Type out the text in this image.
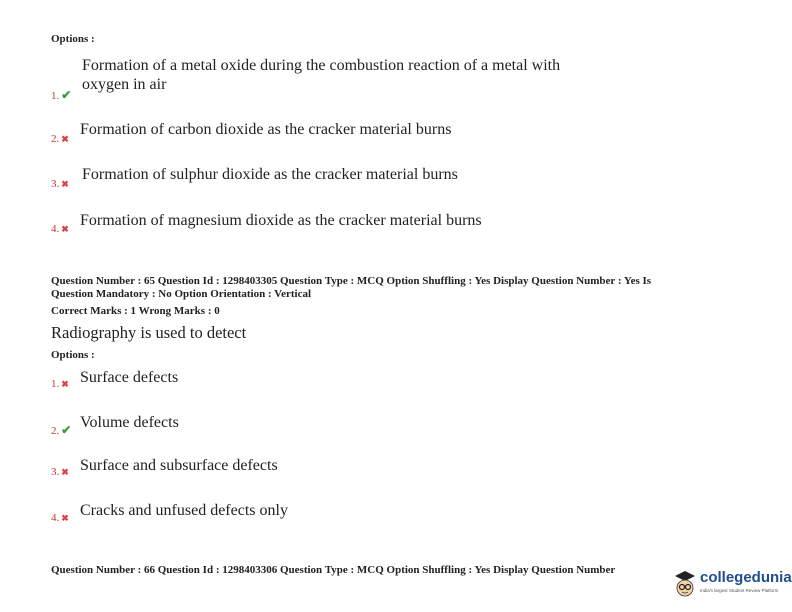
Options :
Formation of a metal oxide during the combustion reaction of a metal with
oxygen in air
1. ✔
Formation of carbon dioxide as the cracker material burns
2. ✖
Formation of sulphur dioxide as the cracker material burns
3. ✖
Formation of magnesium dioxide as the cracker material burns
4. ✖
Question Number : 65 Question Id : 1298403305 Question Type : MCQ Option Shuffling : Yes Display Question Number : Yes Is
Question Mandatory : No Option Orientation : Vertical
Correct Marks : 1 Wrong Marks : 0
Radiography is used to detect
Options :
Surface defects
1. ✖
Volume defects
2. ✔
Surface and subsurface defects
3. ✖
Cracks and unfused defects only
4. ✖
Question Number : 66 Question Id : 1298403306 Question Type : MCQ Option Shuffling : Yes Display Question Number	collegedunia
India's largest Student Review Platform
